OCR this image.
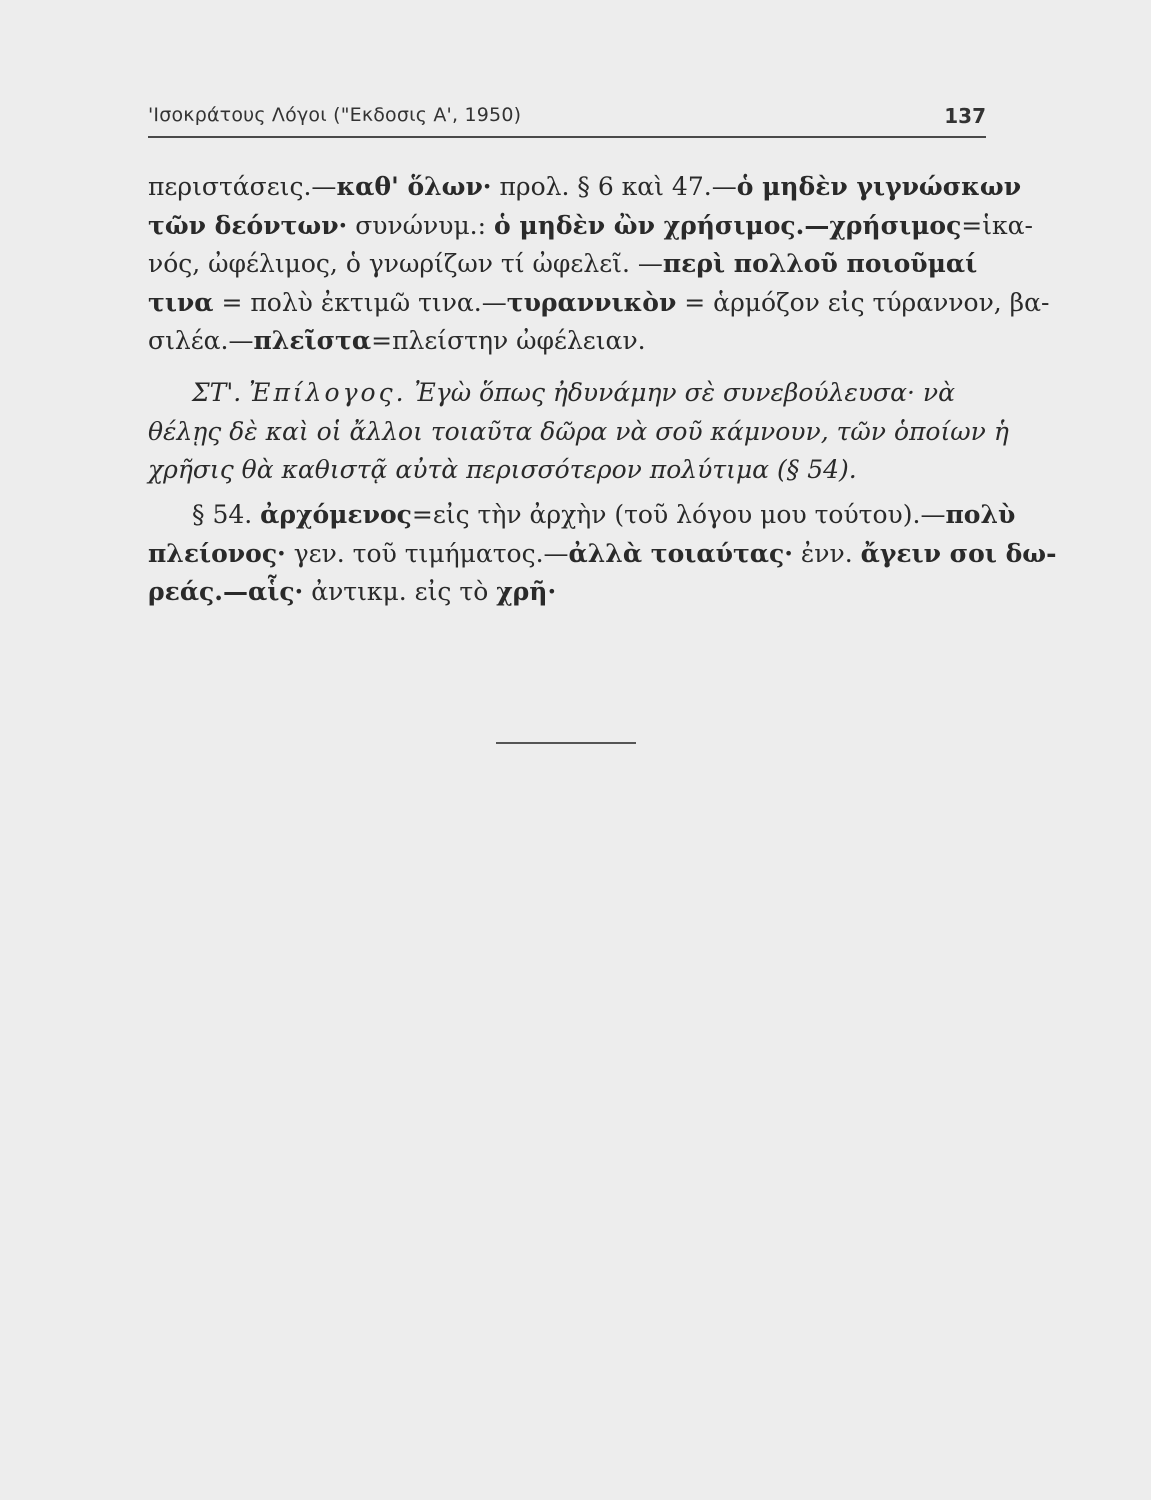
'Ισοκράτους Λόγοι ("Εκδοσις Α', 1950)	137
περιστάσεις.—καθ' ὅλων· προλ. § 6 καὶ 47.—ὁ μηδὲν γιγνώσκων
τῶν δεόντων· συνώνυμ.: ὁ μηδὲν ὢν χρήσιμος.—χρήσιμος=ἱκα-
νός, ὠφέλιμος, ὁ γνωρίζων τί ὠφελεῖ. —περὶ πολλοῦ ποιοῦμαί
τινα = πολὺ ἐκτιμῶ τινα.—τυραννικὸν = ἁρμόζον εἰς τύραννον, βα-
σιλέα.—πλεῖστα=πλείστην ὠφέλειαν.
ΣΤ'. Ἐπίλογος. Ἐγὼ ὅπως ἠδυνάμην σὲ συνεβούλευσα· νὰ
θέλῃς δὲ καὶ οἱ ἄλλοι τοιαῦτα δῶρα νὰ σοῦ κάμνουν, τῶν ὁποίων ἡ
χρῆσις θὰ καθιστᾷ αὐτὰ περισσότερον πολύτιμα (§ 54).
§ 54. ἀρχόμενος=εἰς τὴν ἀρχὴν (τοῦ λόγου μου τούτου).—πολὺ
πλείονος· γεν. τοῦ τιμήματος.—ἀλλὰ τοιαύτας· ἐνν. ἄγειν σοι δω-
ρεάς.—αἷς· ἀντικμ. εἰς τὸ χρῆ·
